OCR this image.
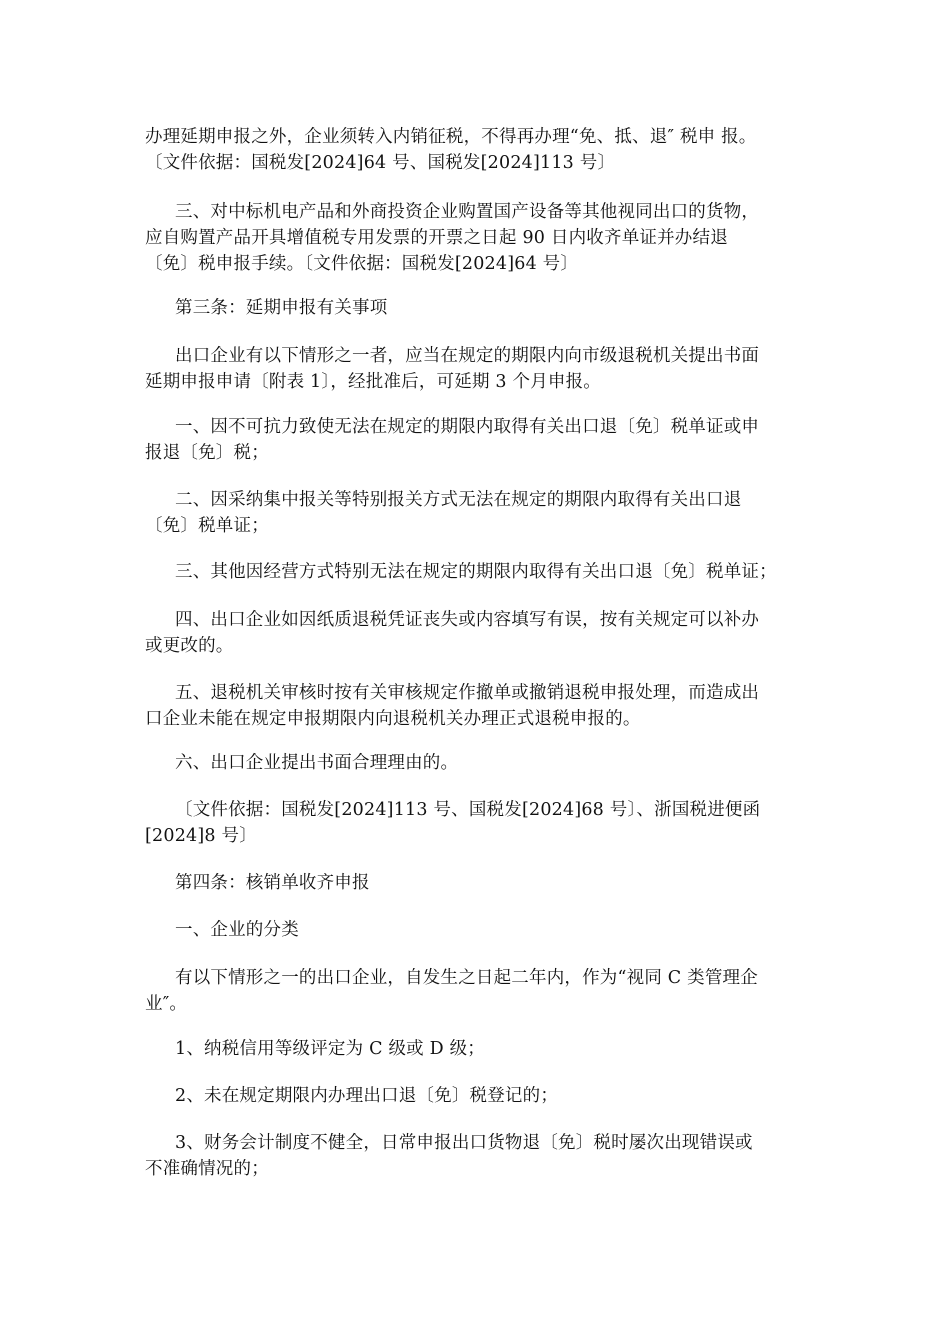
办理延期申报之外，企业须转入内销征税，不得再办理“免、抵、退″ 税申 报。
〔文件依据：国税发[2024]64 号、国税发[2024]113 号〕
三、对中标机电产品和外商投资企业购置国产设备等其他视同出口的货物，
应自购置产品开具增值税专用发票的开票之日起 90 日内收齐单证并办结退
〔免〕税申报手续。〔文件依据：国税发[2024]64 号〕
第三条：延期申报有关事项
出口企业有以下情形之一者，应当在规定的期限内向市级退税机关提出书面
延期申报申请〔附表 1〕，经批准后，可延期 3 个月申报。
一、因不可抗力致使无法在规定的期限内取得有关出口退〔免〕税单证或申
报退〔免〕税；
二、因采纳集中报关等特别报关方式无法在规定的期限内取得有关出口退
〔免〕税单证；
三、其他因经营方式特别无法在规定的期限内取得有关出口退〔免〕税单证；
四、出口企业如因纸质退税凭证丧失或内容填写有误，按有关规定可以补办
或更改的。
五、退税机关审核时按有关审核规定作撤单或撤销退税申报处理，而造成出
口企业未能在规定申报期限内向退税机关办理正式退税申报的。
六、出口企业提出书面合理理由的。
〔文件依据：国税发[2024]113 号、国税发[2024]68 号〕、浙国税进便函
[2024]8 号〕
第四条：核销单收齐申报
一、企业的分类
有以下情形之一的出口企业，自发生之日起二年内，作为“视同 C 类管理企
业″。
1、纳税信用等级评定为 C 级或 D 级；
2、未在规定期限内办理出口退〔免〕税登记的；
3、财务会计制度不健全，日常申报出口货物退〔免〕税时屡次出现错误或
不准确情况的；
